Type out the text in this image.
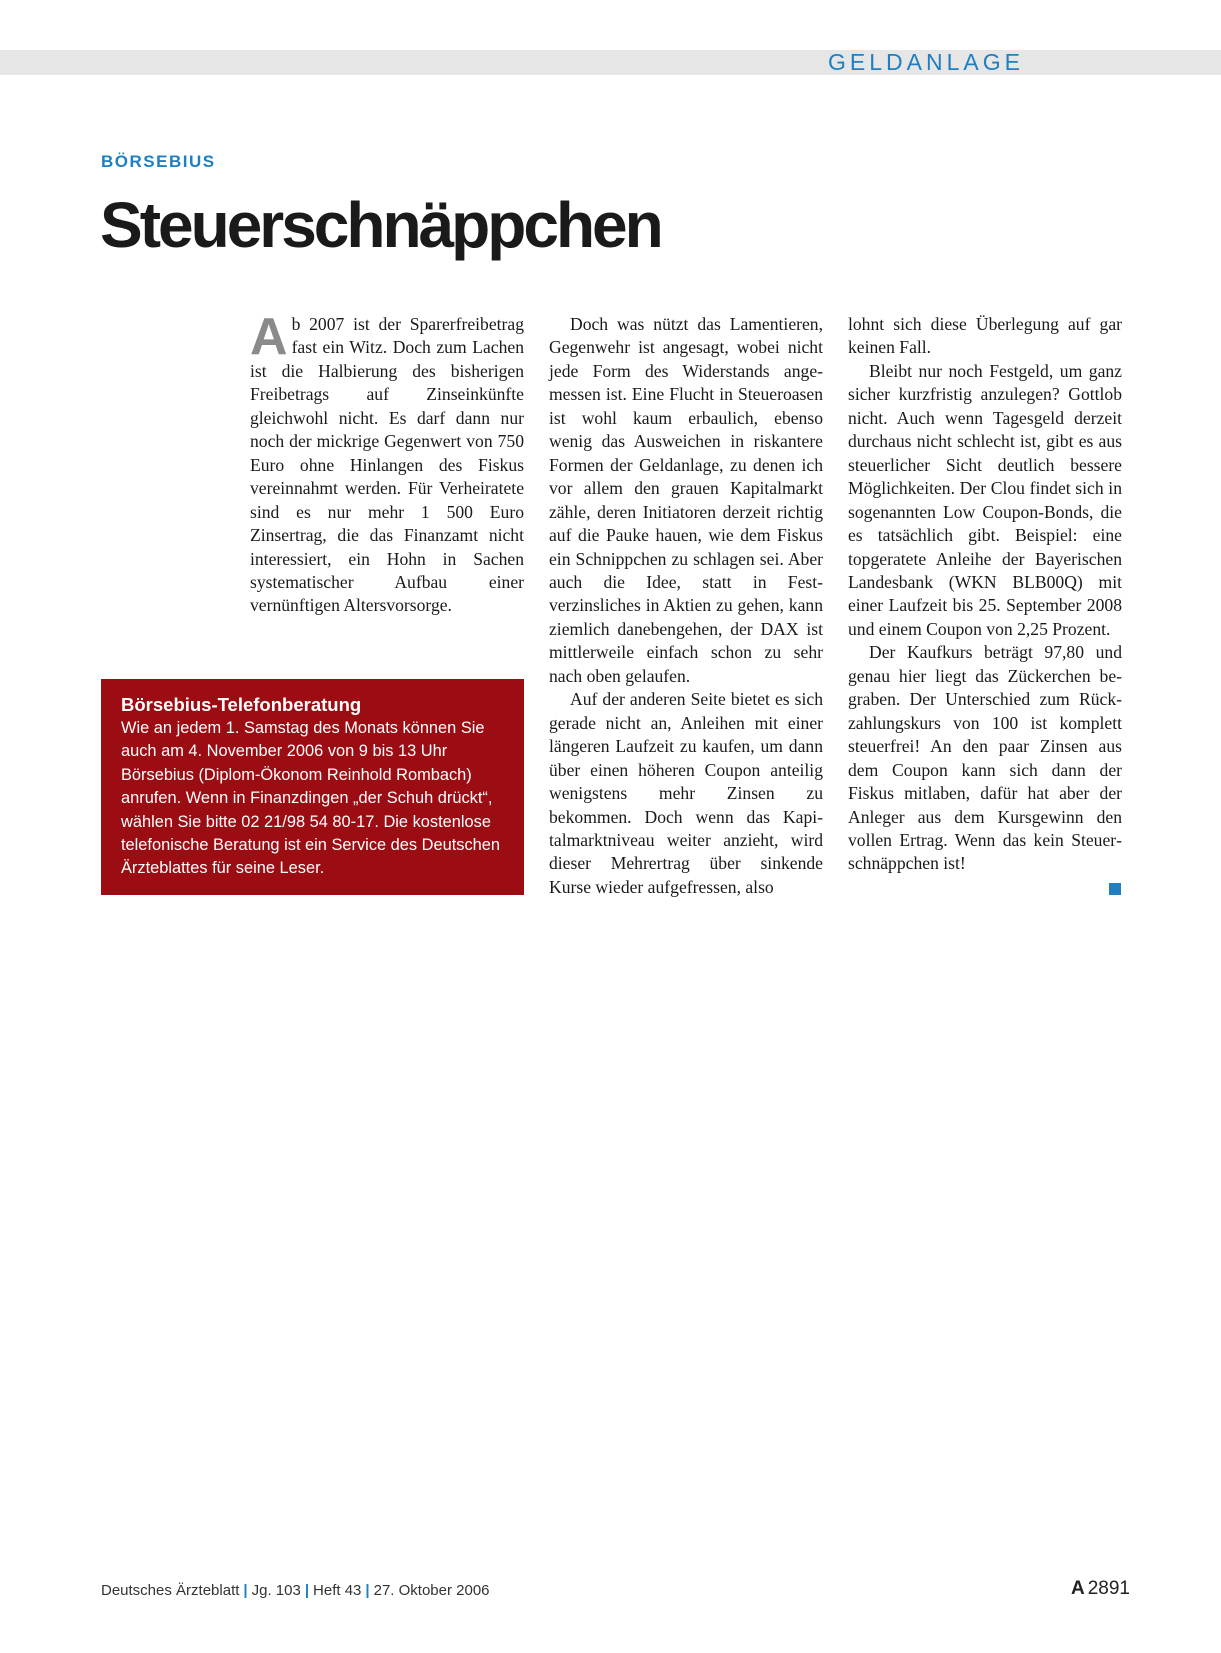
GELDANLAGE
BÖRSEBIUS
Steuerschnäppchen
A b 2007 ist der Sparerfreibetrag fast ein Witz. Doch zum Lachen ist die Halbierung des bisherigen Freibetrags auf Zinseinkünfte gleichwohl nicht. Es darf dann nur noch der mickrige Gegenwert von 750 Euro ohne Hinlangen des Fiskus vereinnahmt werden. Für Verheiratete sind es nur mehr 1 500 Euro Zinsertrag, die das Finanzamt nicht interessiert, ein Hohn in Sachen systematischer Aufbau einer vernünftigen Altersvorsorge.

Doch was nützt das Lamentieren, Gegenwehr ist angesagt, wobei nicht jede Form des Widerstands angemessen ist. Eine Flucht in Steueroasen ist wohl kaum erbaulich, ebenso wenig das Ausweichen in riskantere Formen der Geldanlage, zu denen ich vor allem den grauen Kapitalmarkt zähle, deren Initiatoren derzeit richtig auf die Pauke hauen, wie dem Fiskus ein Schnippchen zu schlagen sei. Aber auch die Idee, statt in Festverzinsliches in Aktien zu gehen, kann ziemlich danebengehen, der DAX ist mittlerweile einfach schon zu sehr nach oben gelaufen.

Auf der anderen Seite bietet es sich gerade nicht an, Anleihen mit einer längeren Laufzeit zu kaufen, um dann über einen höheren Coupon anteilig wenigstens mehr Zinsen zu bekommen. Doch wenn das Kapitalmarktniveau weiter anzieht, wird dieser Mehrertrag über sinkende Kurse wieder aufgefressen, also

lohnt sich diese Überlegung auf gar keinen Fall.

Bleibt nur noch Festgeld, um ganz sicher kurzfristig anzulegen? Gottlob nicht. Auch wenn Tagesgeld derzeit durchaus nicht schlecht ist, gibt es aus steuerlicher Sicht deutlich bessere Möglichkeiten. Der Clou findet sich in sogenannten Low Coupon-Bonds, die es tatsächlich gibt. Beispiel: eine topgeratete Anleihe der Bayerischen Landesbank (WKN BLB00Q) mit einer Laufzeit bis 25. September 2008 und einem Coupon von 2,25 Prozent.

Der Kaufkurs beträgt 97,80 und genau hier liegt das Zückerchen begraben. Der Unterschied zum Rückzahlungskurs von 100 ist komplett steuerfrei! An den paar Zinsen aus dem Coupon kann sich dann der Fiskus mitlaben, dafür hat aber der Anleger aus dem Kursgewinn den vollen Ertrag. Wenn das kein Steuerschnäppchen ist!

Börsebius-Telefonberatung
Wie an jedem 1. Samstag des Monats können Sie auch am 4. November 2006 von 9 bis 13 Uhr Börsebius (Diplom-Ökonom Reinhold Rombach) anrufen. Wenn in Finanzdingen „der Schuh drückt“, wählen Sie bitte 02 21/98 54 80-17. Die kostenlose telefonische Beratung ist ein Service des Deutschen Ärzteblattes für seine Leser.
Deutsches Ärzteblatt | Jg. 103 | Heft 43 | 27. Oktober 2006	A 2891
